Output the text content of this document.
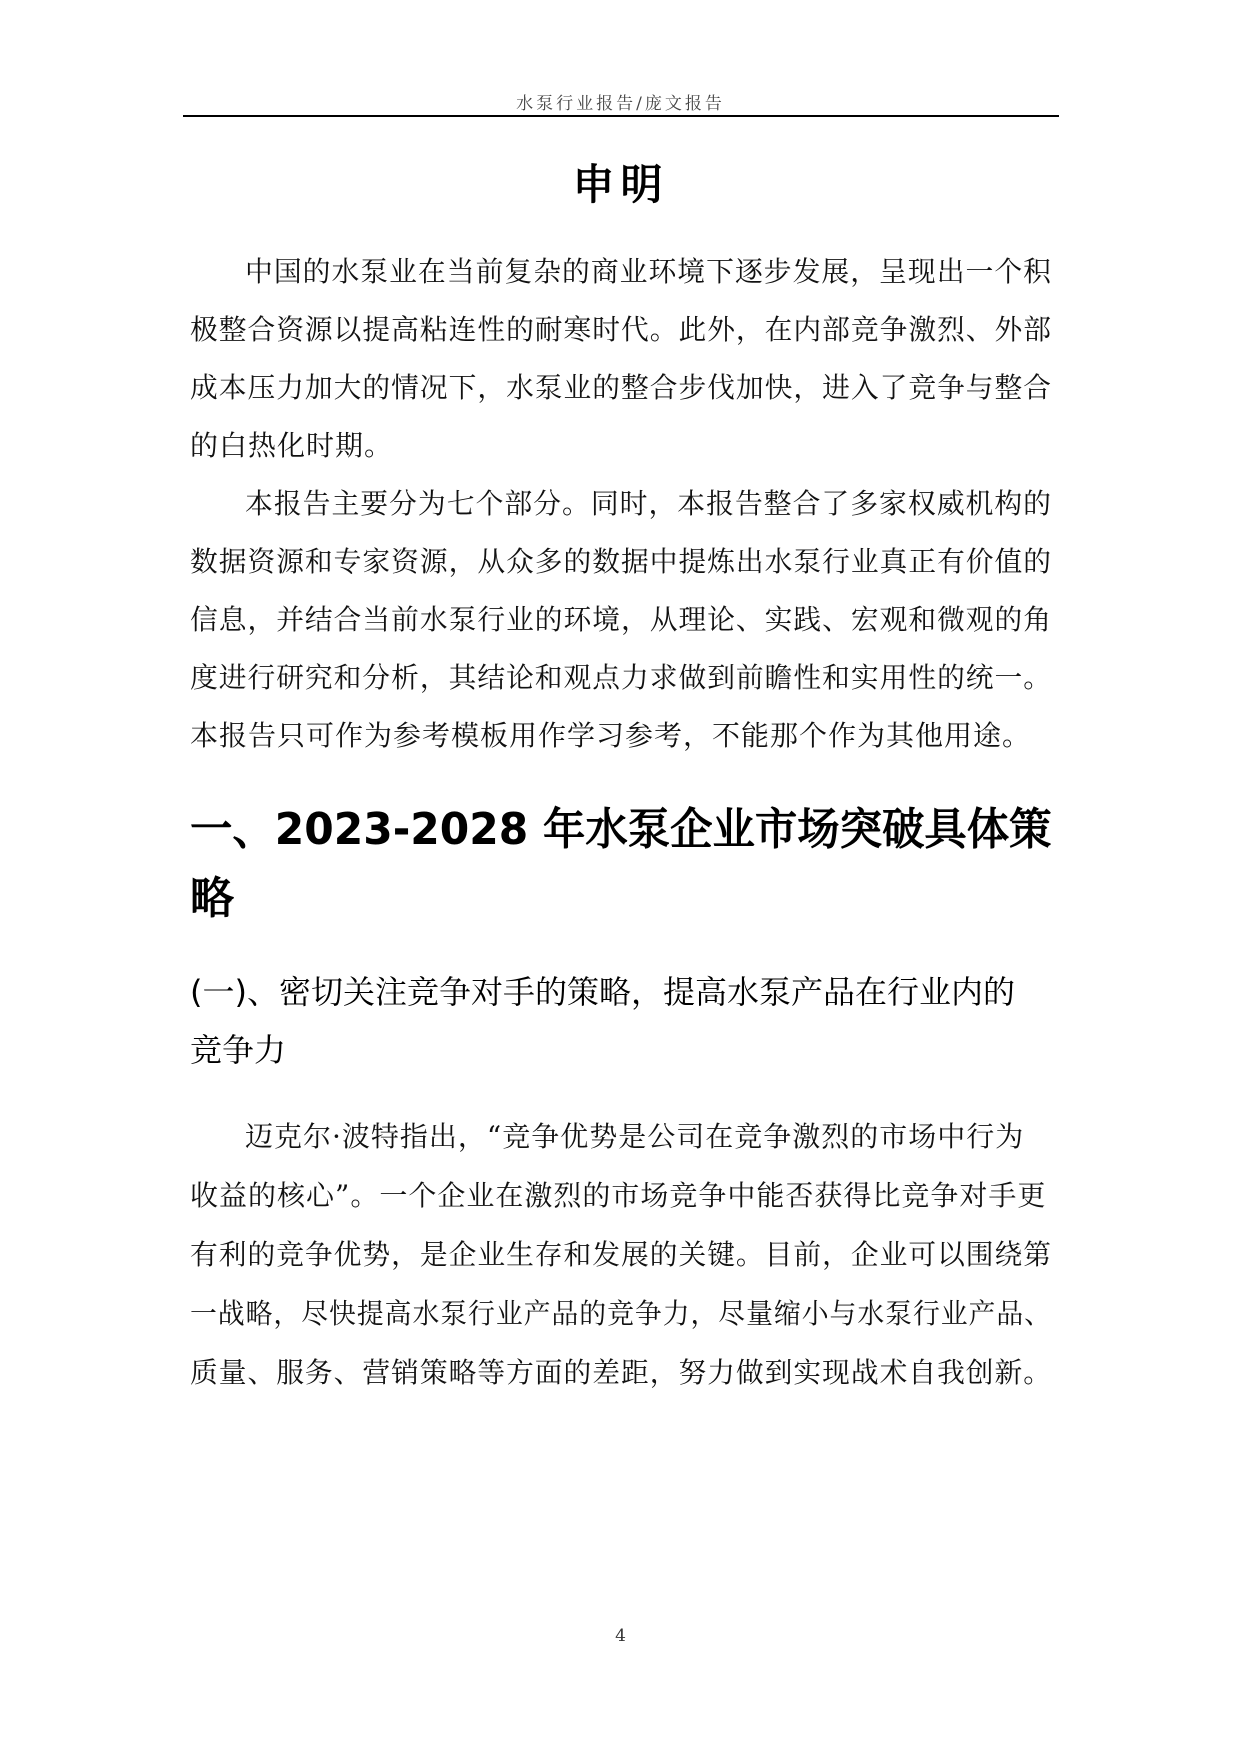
水泵行业报告/庞文报告
申明
中国的水泵业在当前复杂的商业环境下逐步发展，呈现出一个积
极整合资源以提高粘连性的耐寒时代。此外，在内部竞争激烈、外部
成本压力加大的情况下，水泵业的整合步伐加快，进入了竞争与整合
的白热化时期。
本报告主要分为七个部分。同时，本报告整合了多家权威机构的
数据资源和专家资源，从众多的数据中提炼出水泵行业真正有价值的
信息，并结合当前水泵行业的环境，从理论、实践、宏观和微观的角
度进行研究和分析，其结论和观点力求做到前瞻性和实用性的统一。
本报告只可作为参考模板用作学习参考，不能那个作为其他用途。
一、2023-2028 年水泵企业市场突破具体策
略
(一)、密切关注竞争对手的策略，提高水泵产品在行业内的
竞争力
迈克尔·波特指出，“竞争优势是公司在竞争激烈的市场中行为
收益的核心”。一个企业在激烈的市场竞争中能否获得比竞争对手更
有利的竞争优势，是企业生存和发展的关键。目前，企业可以围绕第
一战略，尽快提高水泵行业产品的竞争力，尽量缩小与水泵行业产品、
质量、服务、营销策略等方面的差距，努力做到实现战术自我创新。
4
